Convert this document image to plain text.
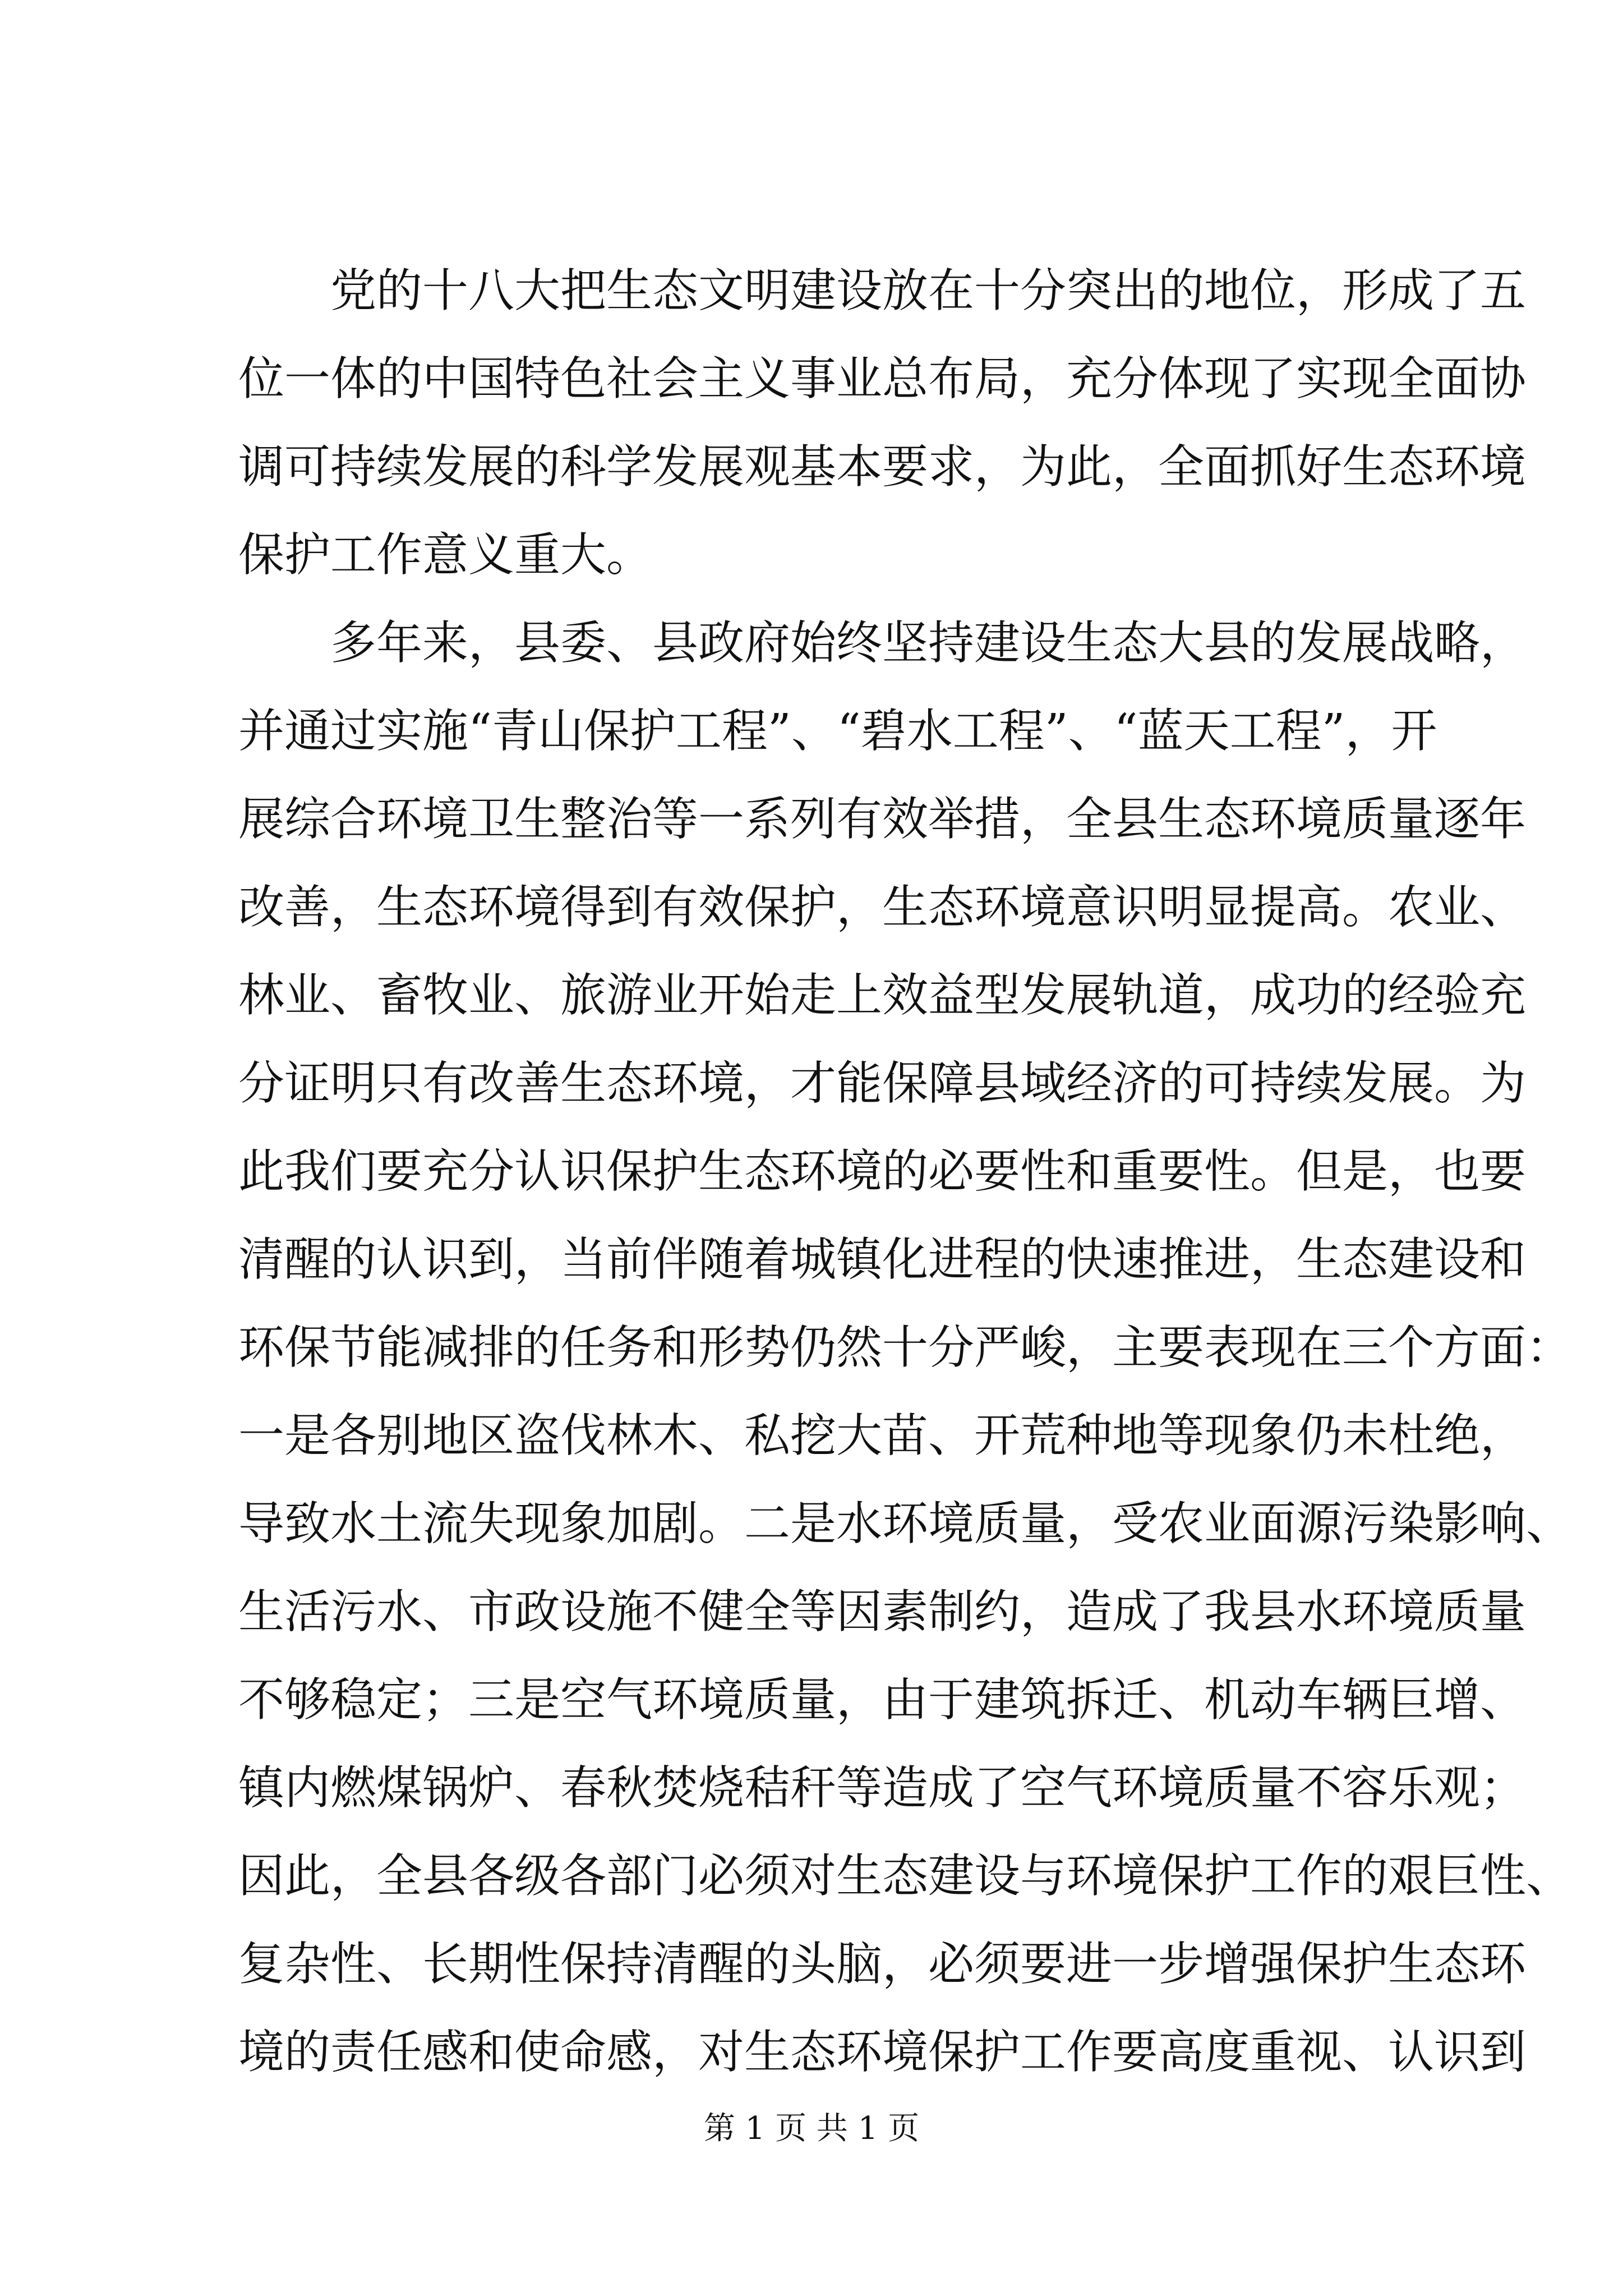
党的十八大把生态文明建设放在十分突出的地位，形成了五
位一体的中国特色社会主义事业总布局，充分体现了实现全面协
调可持续发展的科学发展观基本要求，为此，全面抓好生态环境
保护工作意义重大。
多年来，县委、县政府始终坚持建设生态大县的发展战略，
并通过实施“青山保护工程”、“碧水工程”、“蓝天工程”，开
展综合环境卫生整治等一系列有效举措，全县生态环境质量逐年
改善，生态环境得到有效保护，生态环境意识明显提高。农业、
林业、畜牧业、旅游业开始走上效益型发展轨道，成功的经验充
分证明只有改善生态环境，才能保障县域经济的可持续发展。为
此我们要充分认识保护生态环境的必要性和重要性。但是，也要
清醒的认识到，当前伴随着城镇化进程的快速推进，生态建设和
环保节能减排的任务和形势仍然十分严峻，主要表现在三个方面：
一是各别地区盗伐林木、私挖大苗、开荒种地等现象仍未杜绝，
导致水土流失现象加剧。二是水环境质量，受农业面源污染影响、
生活污水、市政设施不健全等因素制约，造成了我县水环境质量
不够稳定；三是空气环境质量，由于建筑拆迁、机动车辆巨增、
镇内燃煤锅炉、春秋焚烧秸秆等造成了空气环境质量不容乐观；
因此，全县各级各部门必须对生态建设与环境保护工作的艰巨性、
复杂性、长期性保持清醒的头脑，必须要进一步增强保护生态环
境的责任感和使命感，对生态环境保护工作要高度重视、认识到
第 1 页 共 1 页
